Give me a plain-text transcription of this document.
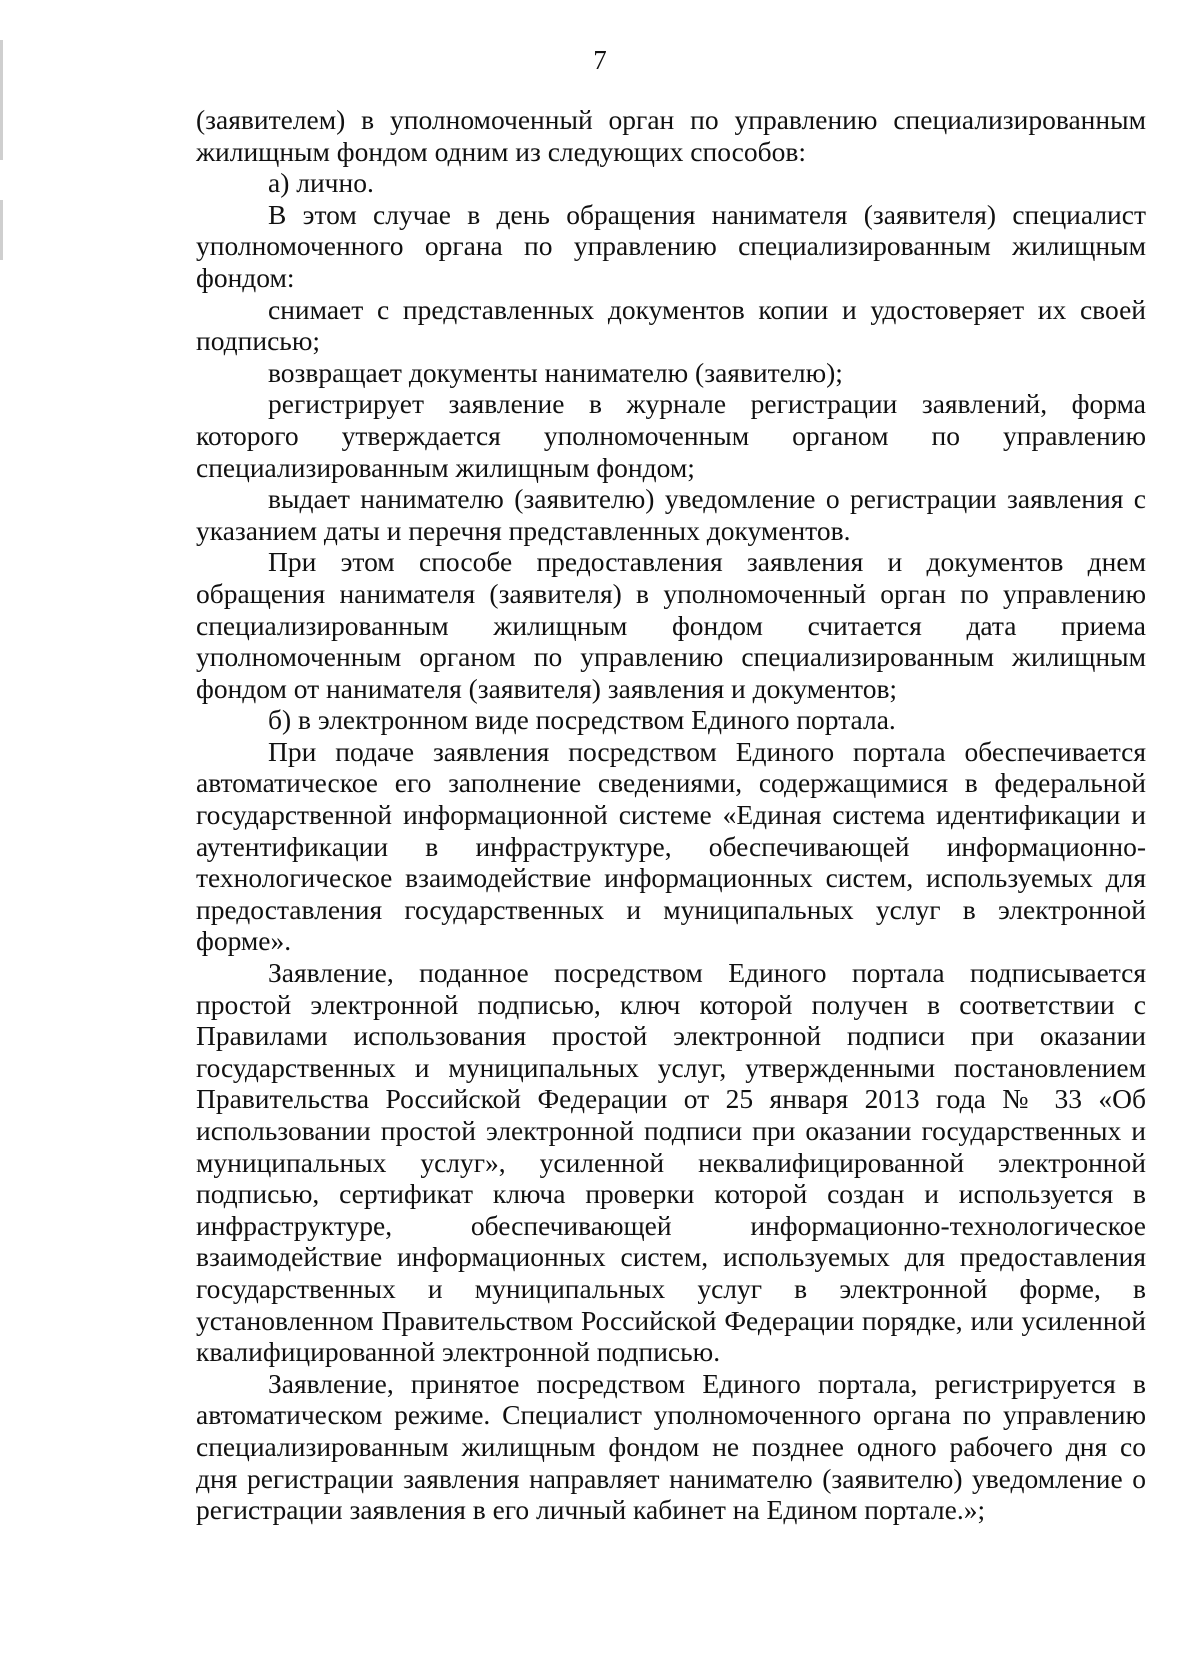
7

(заявителем) в уполномоченный орган по управлению специализированным жилищным фондом одним из следующих способов:

а) лично.

В этом случае в день обращения нанимателя (заявителя) специалист уполномоченного органа по управлению специализированным жилищным фондом:

снимает с представленных документов копии и удостоверяет их своей подписью;

возвращает документы нанимателю (заявителю);

регистрирует заявление в журнале регистрации заявлений, форма которого утверждается уполномоченным органом по управлению специализированным жилищным фондом;

выдает нанимателю (заявителю) уведомление о регистрации заявления с указанием даты и перечня представленных документов.

При этом способе предоставления заявления и документов днем обращения нанимателя (заявителя) в уполномоченный орган по управлению специализированным жилищным фондом считается дата приема уполномоченным органом по управлению специализированным жилищным фондом от нанимателя (заявителя) заявления и документов;

б) в электронном виде посредством Единого портала.

При подаче заявления посредством Единого портала обеспечивается автоматическое его заполнение сведениями, содержащимися в федеральной государственной информационной системе «Единая система идентификации и аутентификации в инфраструктуре, обеспечивающей информационно-технологическое взаимодействие информационных систем, используемых для предоставления государственных и муниципальных услуг в электронной форме».

Заявление, поданное посредством Единого портала подписывается простой электронной подписью, ключ которой получен в соответствии с Правилами использования простой электронной подписи при оказании государственных и муниципальных услуг, утвержденными постановлением Правительства Российской Федерации от 25 января 2013 года № 33 «Об использовании простой электронной подписи при оказании государственных и муниципальных услуг», усиленной неквалифицированной электронной подписью, сертификат ключа проверки которой создан и используется в инфраструктуре, обеспечивающей информационно-технологическое взаимодействие информационных систем, используемых для предоставления государственных и муниципальных услуг в электронной форме, в установленном Правительством Российской Федерации порядке, или усиленной квалифицированной электронной подписью.

Заявление, принятое посредством Единого портала, регистрируется в автоматическом режиме. Специалист уполномоченного органа по управлению специализированным жилищным фондом не позднее одного рабочего дня со дня регистрации заявления направляет нанимателю (заявителю) уведомление о регистрации заявления в его личный кабинет на Едином портале.»;
